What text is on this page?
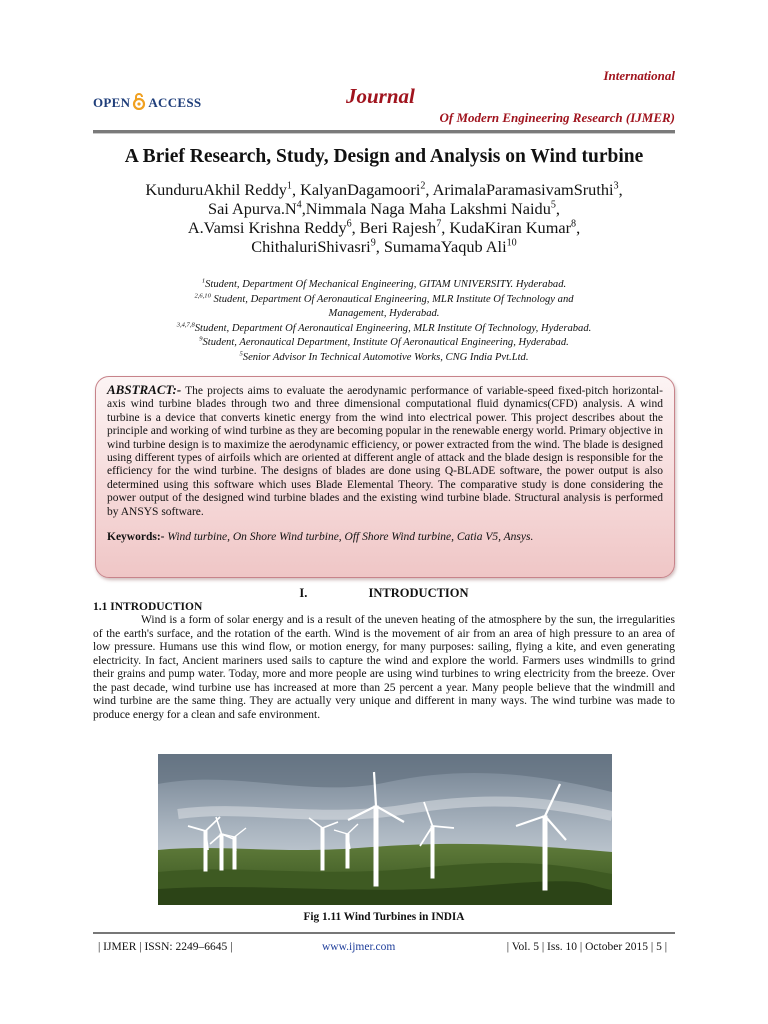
International
OPEN ACCESS	Journal
Of Modern Engineering Research (IJMER)
A Brief Research, Study, Design and Analysis on Wind turbine
KunduruAkhil Reddy$^1$, KalyanDagamoori$^2$, ArimalaParamasivamSruthi$^3$,
Sai $Apurva.N^4,Nimmala$ Naga Maha Lakshmi Naidu$^5$,
A.Vamsi Krishna Reddy$^6$, Beri Rajesh$^7$, KudaKiran Kumar$^8$,
ChithaluriShivasri$^9$, SumamaYaqub Ali$^{10}$
$^1$Student, Department Of Mechanical Engineering, GITAM UNIVERSITY. Hyderabad.
$^{2,6,10}$ Student, Department Of Aeronautical Engineering, MLR Institute Of Technology and
Management, Hyderabad.
$^{3,4,7,8}$Student, Department Of Aeronautical Engineering, MLR Institute Of Technology, Hyderabad.
$^9$Student, Aeronautical Department, Institute Of Aeronautical Engineering, Hyderabad.
$^5$Senior Advisor In Technical Automotive Works, CNG India Pvt.Ltd.
ABSTRACT:- The projects aims to evaluate the aerodynamic performance of variable-speed fixed-pitch horizontal-axis wind turbine blades through two and three dimensional computational fluid dynamics(CFD) analysis. A wind turbine is a device that converts kinetic energy from the wind into electrical power. This project describes about the principle and working of wind turbine as they are becoming popular in the renewable energy world. Primary objective in wind turbine design is to maximize the aerodynamic efficiency, or power extracted from the wind. The blade is designed using different types of airfoils which are oriented at different angle of attack and the blade design is responsible for the efficiency for the wind turbine. The designs of blades are done using Q-BLADE software, the power output is also determined using this software which uses Blade Elemental Theory. The comparative study is done considering the power output of the designed wind turbine blades and the existing wind turbine blade. Structural analysis is performed by ANSYS software.
Keywords:- Wind turbine, On Shore Wind turbine, Off Shore Wind turbine, Catia V5, Ansys.
I. INTRODUCTION
1.1 INTRODUCTION
Wind is a form of solar energy and is a result of the uneven heating of the atmosphere by the sun, the irregularities of the earth's surface, and the rotation of the earth. Wind is the movement of air from an area of high pressure to an area of low pressure. Humans use this wind flow, or motion energy, for many purposes: sailing, flying a kite, and even generating electricity. In fact, Ancient mariners used sails to capture the wind and explore the world. Farmers uses windmills to grind their grains and pump water. Today, more and more people are using wind turbines to wring electricity from the breeze. Over the past decade, wind turbine use has increased at more than 25 percent a year. Many people believe that the windmill and wind turbine are the same thing. They are actually very unique and different in many ways. The wind turbine was made to produce energy for a clean and safe environment.
Fig 1.11 Wind Turbines in INDIA
| IJMER | ISSN: 2249–6645 |	www.ijmer.com	| Vol. 5 | Iss. 10 | October 2015 | 5 |
